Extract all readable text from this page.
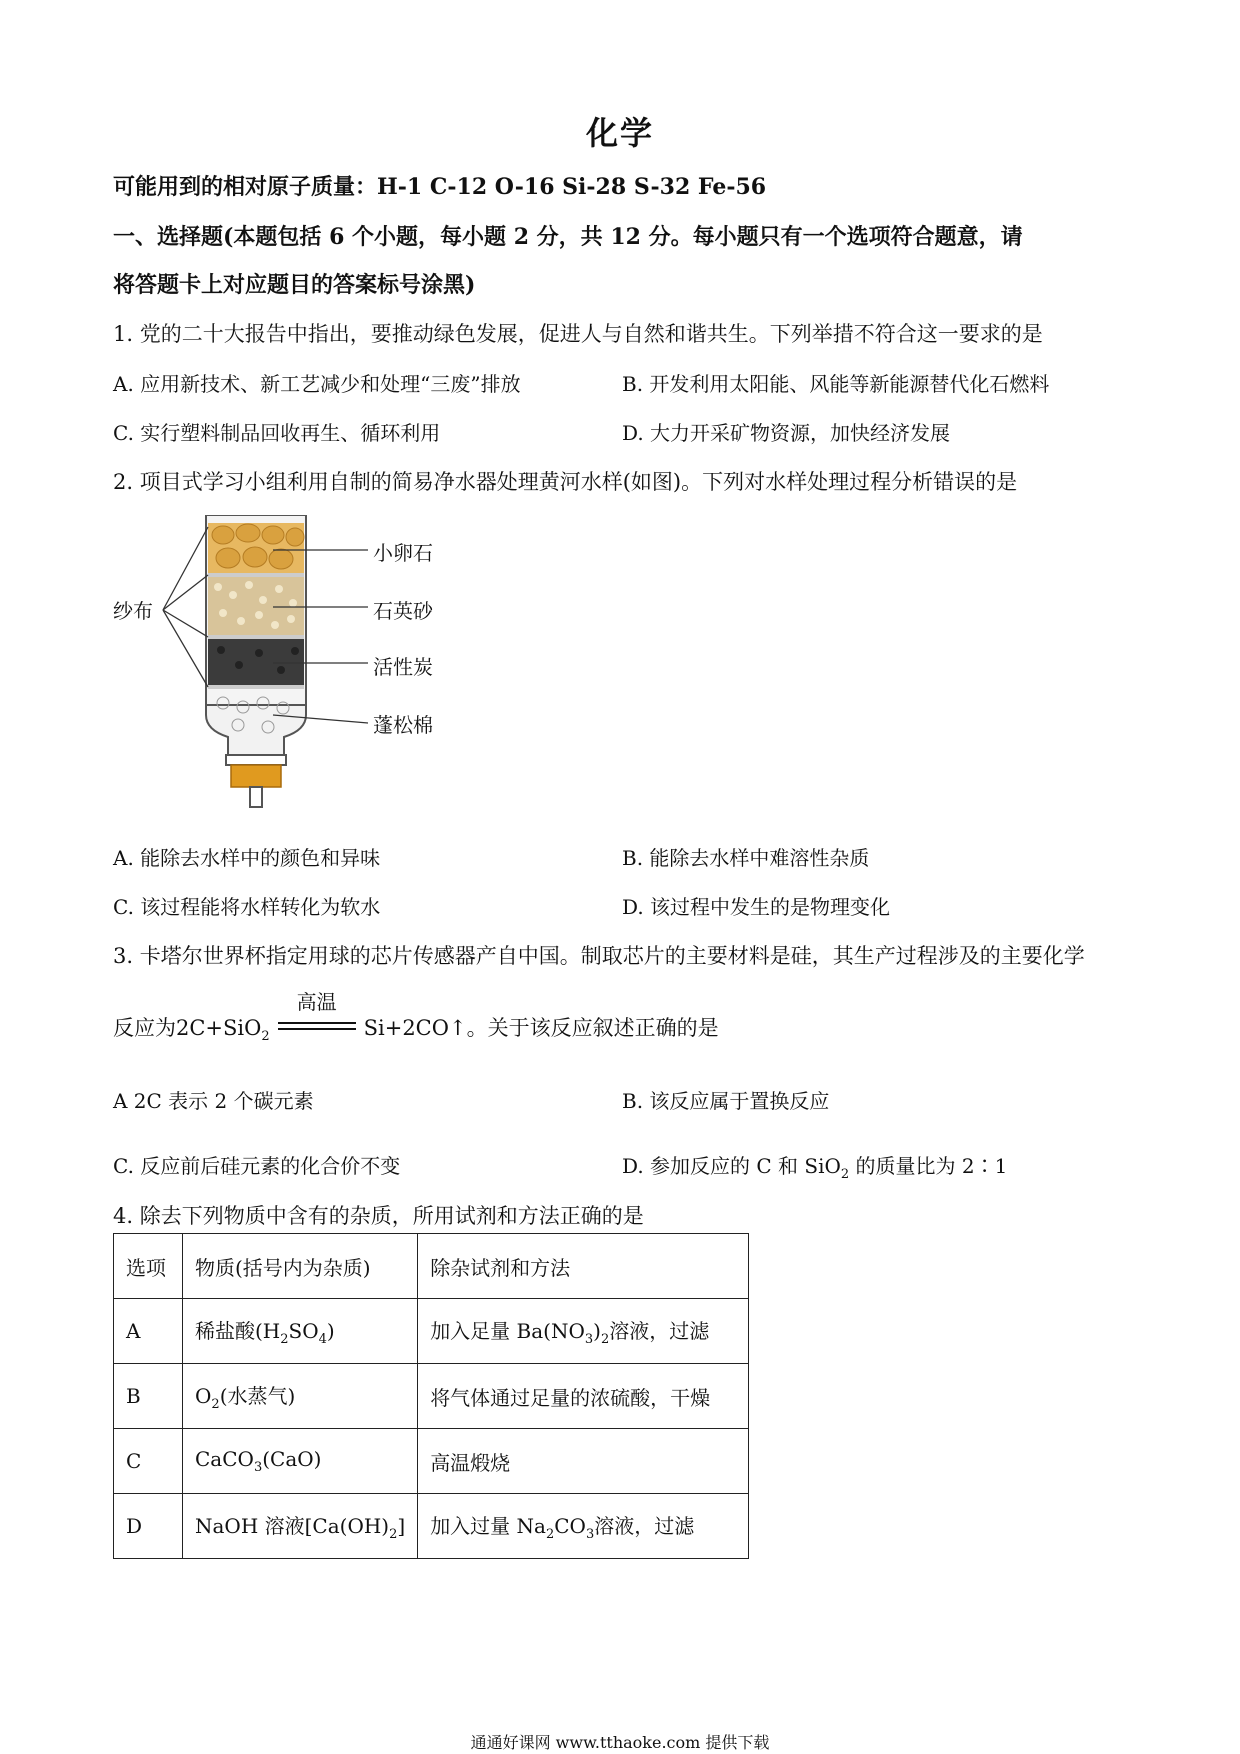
化学
可能用到的相对原子质量：H-1 C-12 O-16 Si-28 S-32 Fe-56
一、选择题(本题包括 6 个小题，每小题 2 分，共 12 分。每小题只有一个选项符合题意，请
将答题卡上对应题目的答案标号涂黑)
1. 党的二十大报告中指出，要推动绿色发展，促进人与自然和谐共生。下列举措不符合这一要求的是
A. 应用新技术、新工艺减少和处理“三废”排放	B. 开发利用太阳能、风能等新能源替代化石燃料
C. 实行塑料制品回收再生、循环利用	D. 大力开采矿物资源，加快经济发展
2. 项目式学习小组利用自制的简易净水器处理黄河水样(如图)。下列对水样处理过程分析错误的是
纱布
小卵石
石英砂
活性炭
蓬松棉
A. 能除去水样中的颜色和异味	B. 能除去水样中难溶性杂质
C. 该过程能将水样转化为软水	D. 该过程中发生的是物理变化
3. 卡塔尔世界杯指定用球的芯片传感器产自中国。制取芯片的主要材料是硅，其生产过程涉及的主要化学
反应为2C+SiO$_2$
高温
Si+2CO↑。关于该反应叙述正确的是
A 2C 表示 2 个碳元素	B. 该反应属于置换反应
C. 反应前后硅元素的化合价不变	D. 参加反应的 C 和 SiO$_2$ 的质量比为 2∶1
4. 除去下列物质中含有的杂质，所用试剂和方法正确的是
选项	物质(括号内为杂质)	除杂试剂和方法
A	稀盐酸$(H_2SO_4)$	加入足量 $Ba(NO_3)_2$溶液，过滤
B	$O_2$(水蒸气)	将气体通过足量的浓硫酸，干燥
C	CaCO$_3$(CaO)	高温煅烧
D	NaOH 溶液$[Ca(OH)_2]$	加入过量 $Na_2CO_3$溶液，过滤
通通好课网 www.tthaoke.com 提供下载
